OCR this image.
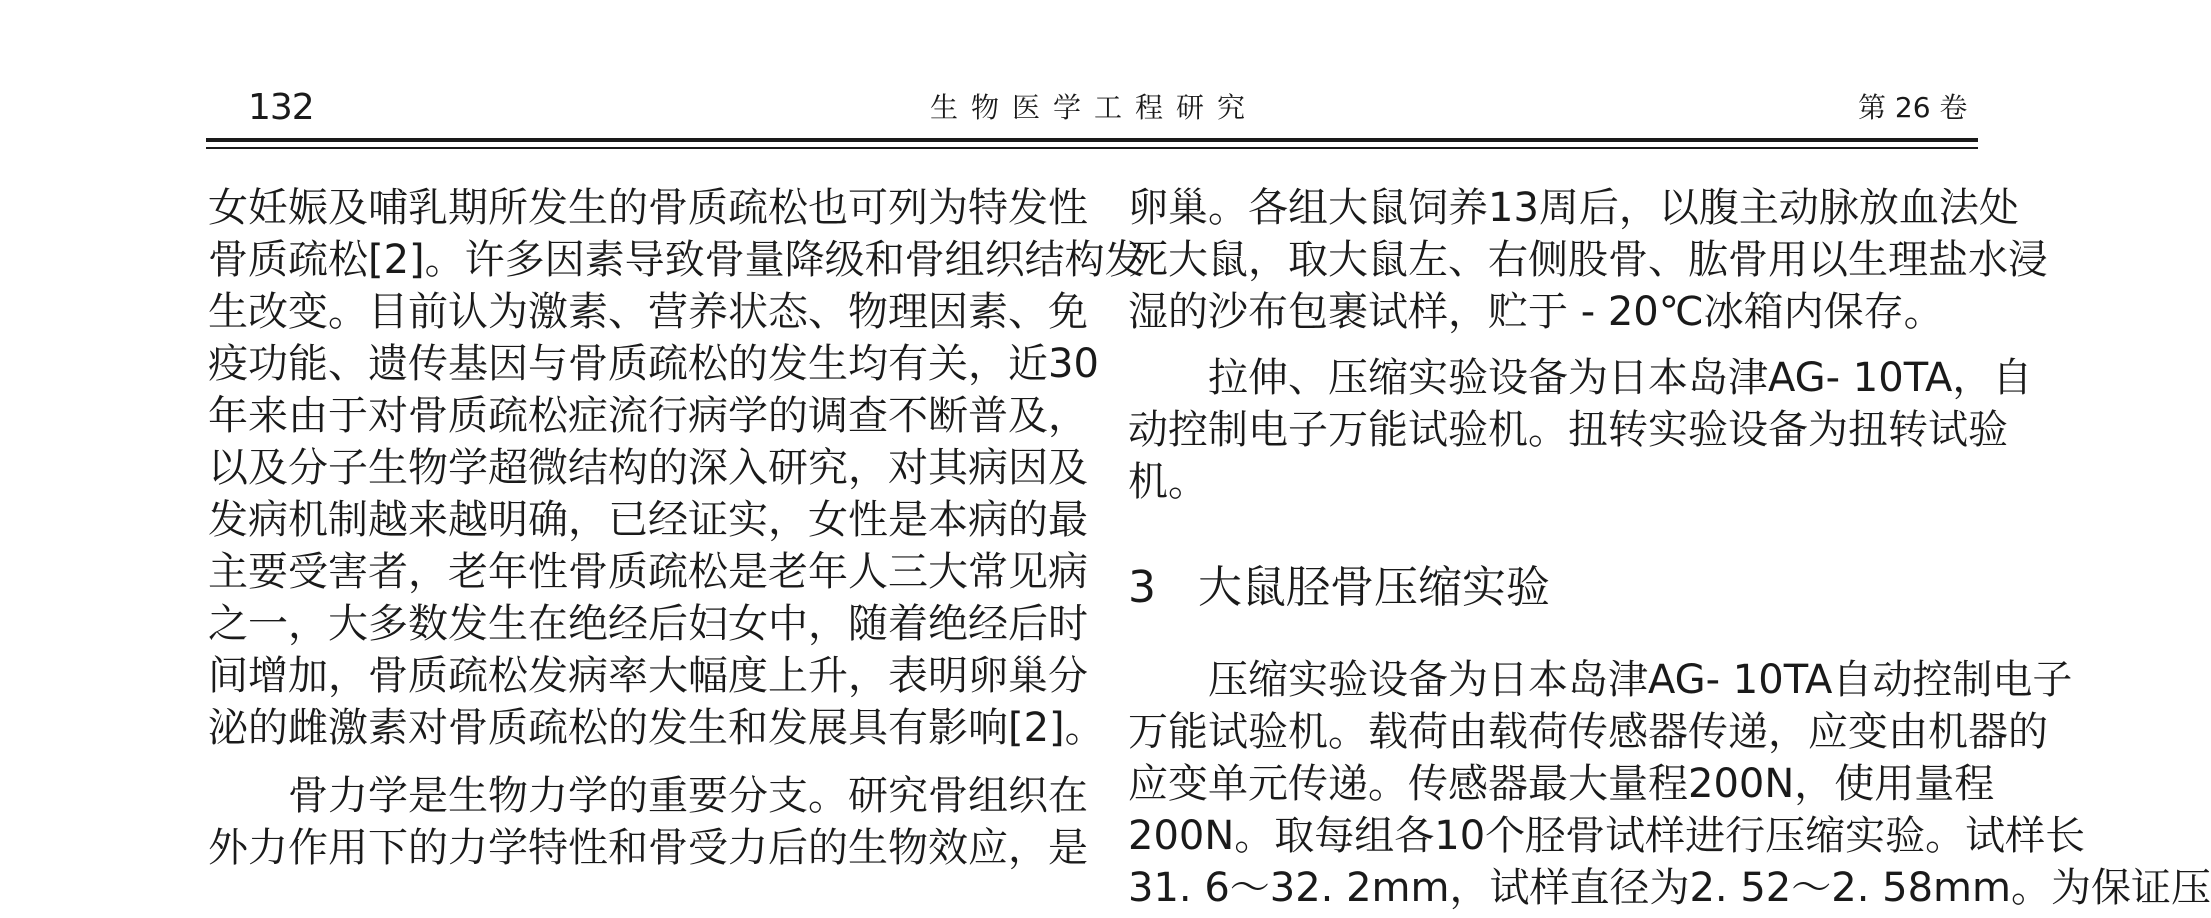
132	生物医学工程研究	第 26 卷
女妊娠及哺乳期所发生的骨质疏松也可列为特发性
骨质疏松[2]。许多因素导致骨量降级和骨组织结构发
生改变。目前认为激素、营养状态、物理因素、免
疫功能、遗传基因与骨质疏松的发生均有关，近30
年来由于对骨质疏松症流行病学的调查不断普及，
以及分子生物学超微结构的深入研究，对其病因及
发病机制越来越明确，已经证实，女性是本病的最
主要受害者，老年性骨质疏松是老年人三大常见病
之一，大多数发生在绝经后妇女中，随着绝经后时
间增加，骨质疏松发病率大幅度上升，表明卵巢分
泌的雌激素对骨质疏松的发生和发展具有影响[2]。
骨力学是生物力学的重要分支。研究骨组织在
外力作用下的力学特性和骨受力后的生物效应，是
卵巢。各组大鼠饲养13周后，以腹主动脉放血法处
死大鼠，取大鼠左、右侧股骨、肱骨用以生理盐水浸
湿的沙布包裹试样，贮于 - 20℃冰箱内保存。
拉伸、压缩实验设备为日本岛津AG- 10TA，自
动控制电子万能试验机。扭转实验设备为扭转试验
机。
3 大鼠胫骨压缩实验
压缩实验设备为日本岛津AG- 10TA自动控制电子
万能试验机。载荷由载荷传感器传递，应变由机器的
应变单元传递。传感器最大量程200N，使用量程
200N。取每组各10个胫骨试样进行压缩实验。试样长
31. 6～32. 2mm，试样直径为2. 52～2. 58mm。为保证压
